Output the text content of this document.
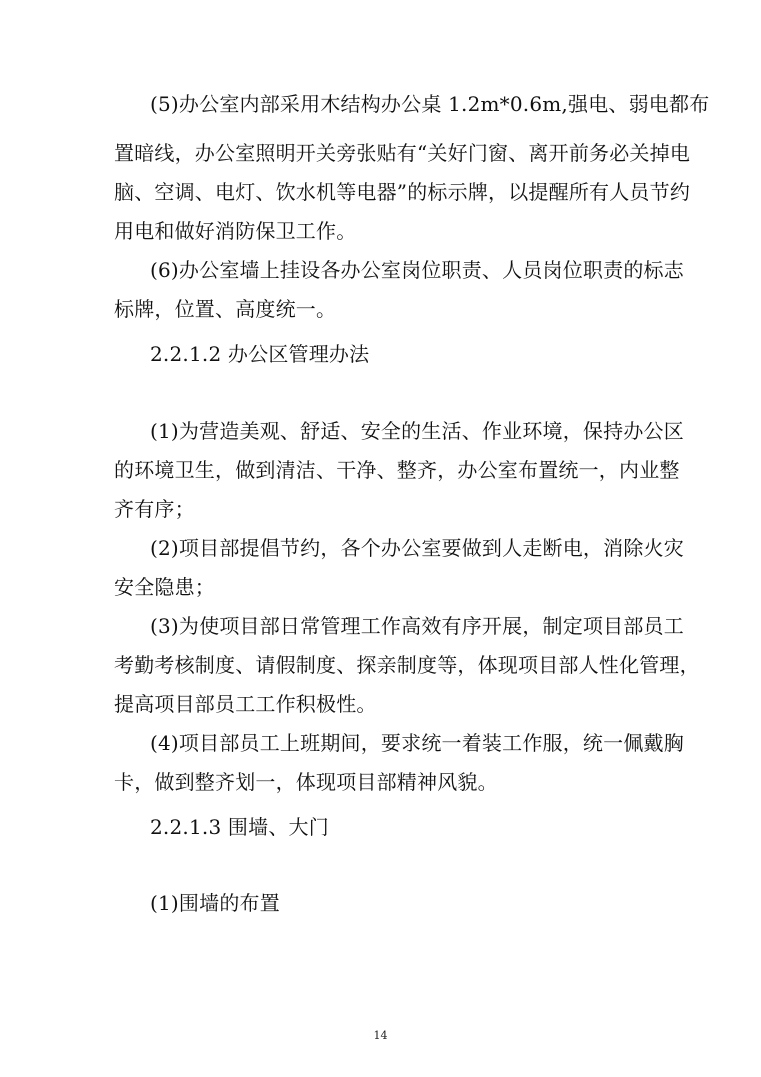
(5)办公室内部采用木结构办公桌 1.2m*0.6m,强电、弱电都布
置暗线，办公室照明开关旁张贴有“关好门窗、离开前务必关掉电
脑、空调、电灯、饮水机等电器”的标示牌，以提醒所有人员节约
用电和做好消防保卫工作。
(6)办公室墙上挂设各办公室岗位职责、人员岗位职责的标志
标牌，位置、高度统一。
2.2.1.2 办公区管理办法
(1)为营造美观、舒适、安全的生活、作业环境，保持办公区
的环境卫生，做到清洁、干净、整齐，办公室布置统一，内业整
齐有序；
(2)项目部提倡节约，各个办公室要做到人走断电，消除火灾
安全隐患；
(3)为使项目部日常管理工作高效有序开展，制定项目部员工
考勤考核制度、请假制度、探亲制度等，体现项目部人性化管理，
提高项目部员工工作积极性。
(4)项目部员工上班期间，要求统一着装工作服，统一佩戴胸
卡，做到整齐划一，体现项目部精神风貌。
2.2.1.3 围墙、大门
(1)围墙的布置
14
